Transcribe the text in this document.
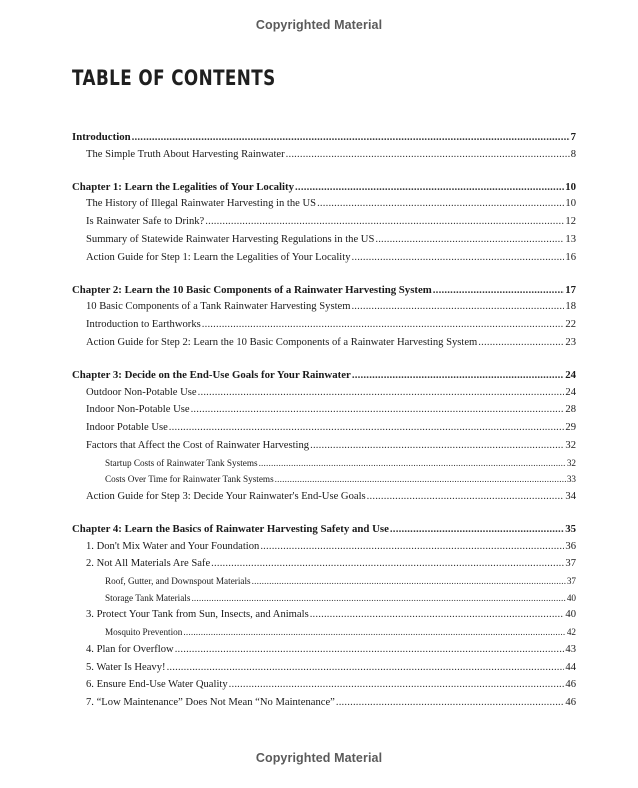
Copyrighted Material
TABLE OF CONTENTS
Introduction .....	7
The Simple Truth About Harvesting Rainwater .....	8
Chapter 1: Learn the Legalities of Your Locality .....	10
The History of Illegal Rainwater Harvesting in the US .....	10
Is Rainwater Safe to Drink? .....	12
Summary of Statewide Rainwater Harvesting Regulations in the US .....	13
Action Guide for Step 1: Learn the Legalities of Your Locality .....	16
Chapter 2: Learn the 10 Basic Components of a Rainwater Harvesting System .....	17
10 Basic Components of a Tank Rainwater Harvesting System .....	18
Introduction to Earthworks .....	22
Action Guide for Step 2: Learn the 10 Basic Components of a Rainwater Harvesting System .....	23
Chapter 3: Decide on the End-Use Goals for Your Rainwater .....	24
Outdoor Non-Potable Use .....	24
Indoor Non-Potable Use .....	28
Indoor Potable Use .....	29
Factors that Affect the Cost of Rainwater Harvesting .....	32
Startup Costs of Rainwater Tank Systems .....	32
Costs Over Time for Rainwater Tank Systems .....	33
Action Guide for Step 3: Decide Your Rainwater's End-Use Goals .....	34
Chapter 4: Learn the Basics of Rainwater Harvesting Safety and Use .....	35
1. Don't Mix Water and Your Foundation .....	36
2. Not All Materials Are Safe .....	37
Roof, Gutter, and Downspout Materials .....	37
Storage Tank Materials .....	40
3. Protect Your Tank from Sun, Insects, and Animals .....	40
Mosquito Prevention .....	42
4. Plan for Overflow .....	43
5. Water Is Heavy! .....	44
6. Ensure End-Use Water Quality .....	46
7. “Low Maintenance” Does Not Mean “No Maintenance” .....	46
Copyrighted Material
